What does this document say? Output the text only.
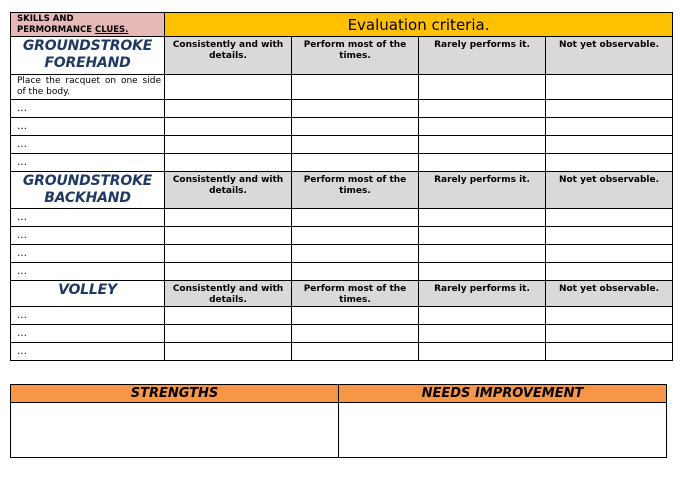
SKILLS AND
PERMORMANCE CLUES.	Evaluation criteria.			

GROUNDSTROKE
FOREHAND	Consistently and with details.	Perform most of the times.	Rarely performs it.	Not yet observable.
Place the racquet on one side of the body.				
…				
…				
…				
…				

GROUNDSTROKE
BACKHAND	Consistently and with details.	Perform most of the times.	Rarely performs it.	Not yet observable.
…				
…				
…				
…				

VOLLEY	Consistently and with details.	Perform most of the times.	Rarely performs it.	Not yet observable.
…				
…				
…				
STRENGTHS	NEEDS IMPROVEMENT
